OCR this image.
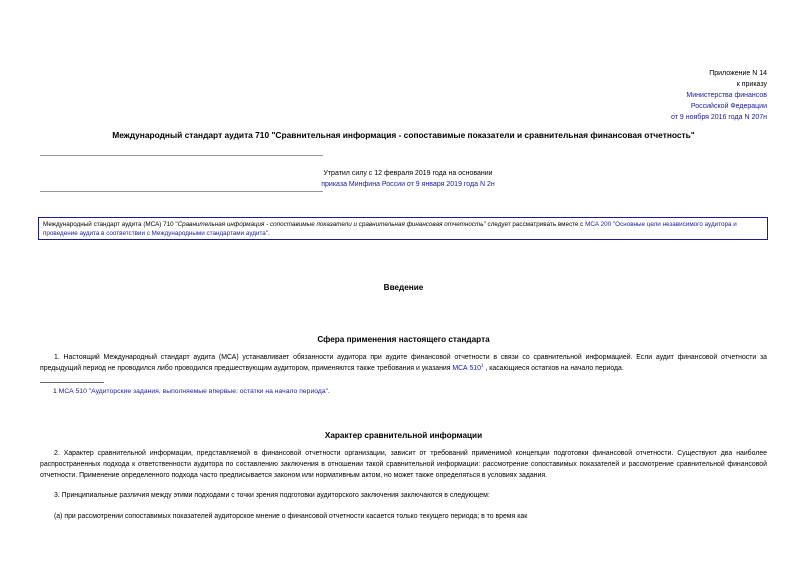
Приложение N 14
к приказу
Министерства финансов
Российской Федерации
от 9 ноября 2016 года N 207н
Международный стандарт аудита 710 "Сравнительная информация - сопоставимые показатели и сравнительная финансовая отчетность"
Утратил силу с 12 февраля 2019 года на основании
приказа Минфина России от 9 января 2019 года N 2н
Международный стандарт аудита (МСА) 710 "Сравнительная информация - сопоставимые показатели и сравнительная финансовая отчетность" следует рассматривать вместе с МСА 200 "Основные цели независимого аудитора и проведение аудита в соответствии с Международными стандартами аудита".
Введение
Сфера применения настоящего стандарта
1. Настоящий Международный стандарт аудита (МСА) устанавливает обязанности аудитора при аудите финансовой отчетности в связи со сравнительной информацией. Если аудит финансовой отчетности за предыдущий период не проводился либо проводился предшествующим аудитором, применяются также требования и указания МСА $510^1$ , касающиеся остатков на начало периода.
1 МСА 510 "Аудиторские задания, выполняемые впервые: остатки на начало периода".
Характер сравнительной информации
2. Характер сравнительной информации, представляемой в финансовой отчетности организации, зависит от требований применимой концепции подготовки финансовой отчетности. Существуют два наиболее распространенных подхода к ответственности аудитора по составлению заключения в отношении такой сравнительной информации: рассмотрение сопоставимых показателей и рассмотрение сравнительной финансовой отчетности. Применение определенного подхода часто предписывается законом или нормативным актом, но может также определяться в условиях задания.
3. Принципиальные различия между этими подходами с точки зрения подготовки аудиторского заключения заключаются в следующем:
(а) при рассмотрении сопоставимых показателей аудиторское мнение о финансовой отчетности касается только текущего периода; в то время как
